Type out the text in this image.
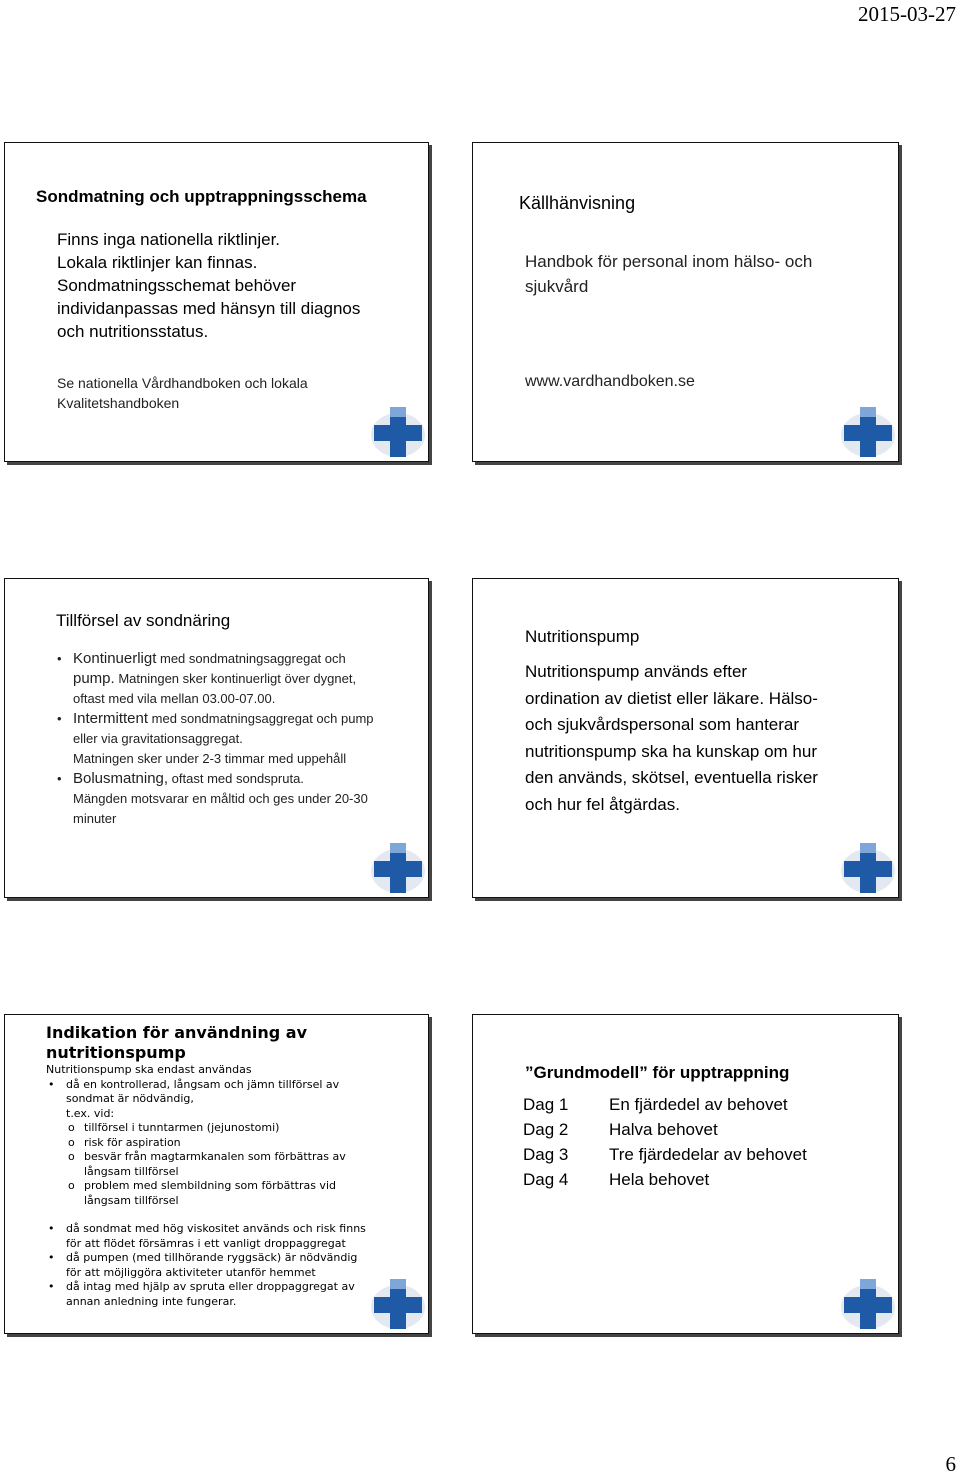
2015-03-27
Sondmatning och upptrappningsschema
Finns inga nationella riktlinjer.
Lokala riktlinjer kan finnas.
Sondmatningsschemat behöver
individanpassas med hänsyn till diagnos
och nutritionsstatus.
Se nationella Vårdhandboken och lokala
Kvalitetshandboken
Källhänvisning
Handbok för personal inom hälso- och
sjukvård
www.vardhandboken.se
Tillförsel av sondnäring
• Kontinuerligt med sondmatningsaggregat och
pump. Matningen sker kontinuerligt över dygnet,
oftast med vila mellan 03.00-07.00.
• Intermittent med sondmatningsaggregat och pump
eller via gravitationsaggregat.
Matningen sker under 2-3 timmar med uppehåll
• Bolusmatning, oftast med sondspruta.
Mängden motsvarar en måltid och ges under 20-30
minuter
Nutritionspump
Nutritionspump används efter
ordination av dietist eller läkare. Hälso-
och sjukvårdspersonal som hanterar
nutritionspump ska ha kunskap om hur
den används, skötsel, eventuella risker
och hur fel åtgärdas.
Indikation för användning av
nutritionspump
Nutritionspump ska endast användas
• då en kontrollerad, långsam och jämn tillförsel av
sondmat är nödvändig,
t.ex. vid:
o tillförsel i tunntarmen (jejunostomi)
o risk för aspiration
o besvär från magtarmkanalen som förbättras av
långsam tillförsel
o problem med slembildning som förbättras vid
långsam tillförsel
• då sondmat med hög viskositet används och risk finns
för att flödet försämras i ett vanligt droppaggregat
• då pumpen (med tillhörande ryggsäck) är nödvändig
för att möjliggöra aktiviteter utanför hemmet
• då intag med hjälp av spruta eller droppaggregat av
annan anledning inte fungerar.
”Grundmodell” för upptrappning
Dag 1	En fjärdedel av behovet
Dag 2	Halva behovet
Dag 3	Tre fjärdedelar av behovet
Dag 4	Hela behovet
6
